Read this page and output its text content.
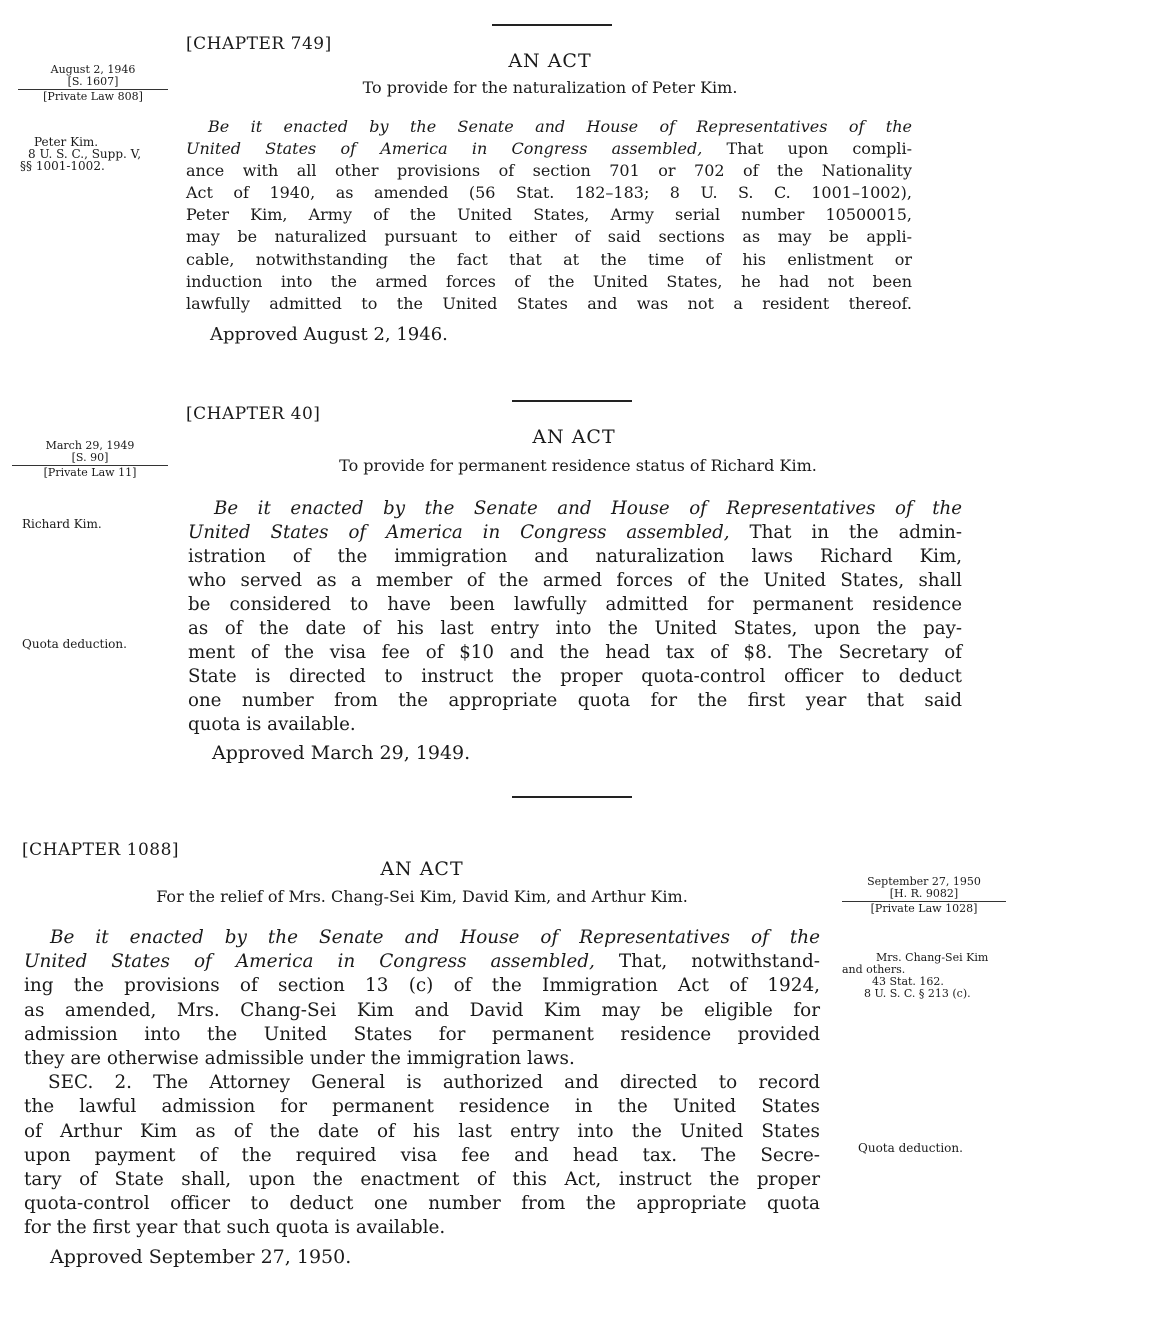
[CHAPTER 749]
AN ACT
To provide for the naturalization of Peter Kim.
August 2, 1946
[S. 1607]
[Private Law 808]
Peter Kim.
8 U. S. C., Supp. V,
§§ 1001-1002.
Be it enacted by the Senate and House of Representatives of the
United States of America in Congress assembled, That upon compli-
ance with all other provisions of section 701 or 702 of the Nationality
Act of 1940, as amended (56 Stat. 182–183; 8 U. S. C. 1001–1002),
Peter Kim, Army of the United States, Army serial number 10500015,
may be naturalized pursuant to either of said sections as may be appli-
cable, notwithstanding the fact that at the time of his enlistment or
induction into the armed forces of the United States, he had not been
lawfully admitted to the United States and was not a resident thereof.
Approved August 2, 1946.
[CHAPTER 40]
AN ACT
To provide for permanent residence status of Richard Kim.
March 29, 1949
[S. 90]
[Private Law 11]
Richard Kim.
Quota deduction.
Be it enacted by the Senate and House of Representatives of the
United States of America in Congress assembled, That in the admin-
istration of the immigration and naturalization laws Richard Kim,
who served as a member of the armed forces of the United States, shall
be considered to have been lawfully admitted for permanent residence
as of the date of his last entry into the United States, upon the pay-
ment of the visa fee of $10 and the head tax of $8. The Secretary of
State is directed to instruct the proper quota-control officer to deduct
one number from the appropriate quota for the first year that said
quota is available.
Approved March 29, 1949.
[CHAPTER 1088]
AN ACT
For the relief of Mrs. Chang-Sei Kim, David Kim, and Arthur Kim.
September 27, 1950
[H. R. 9082]
[Private Law 1028]
Mrs. Chang-Sei Kim
and others.
43 Stat. 162.
8 U. S. C. § 213 (c).
Quota deduction.
Be it enacted by the Senate and House of Representatives of the
United States of America in Congress assembled, That, notwithstand-
ing the provisions of section 13 (c) of the Immigration Act of 1924,
as amended, Mrs. Chang-Sei Kim and David Kim may be eligible for
admission into the United States for permanent residence provided
they are otherwise admissible under the immigration laws.
SEC. 2. The Attorney General is authorized and directed to record
the lawful admission for permanent residence in the United States
of Arthur Kim as of the date of his last entry into the United States
upon payment of the required visa fee and head tax. The Secre-
tary of State shall, upon the enactment of this Act, instruct the proper
quota-control officer to deduct one number from the appropriate quota
for the first year that such quota is available.
Approved September 27, 1950.
